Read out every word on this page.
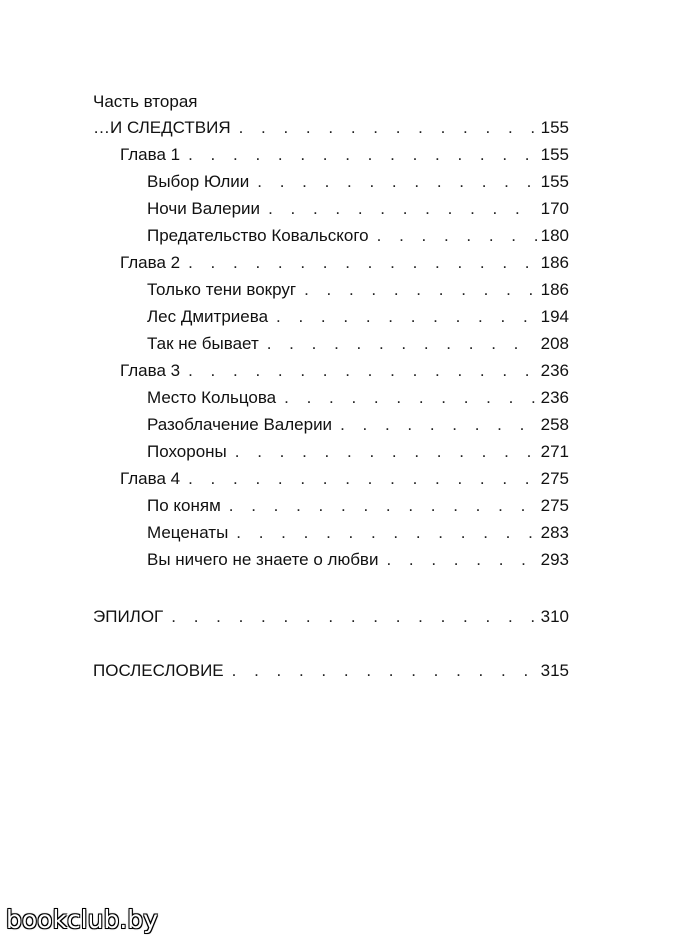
Часть вторая
…И СЛЕДСТВИЯ . . .	155
Глава 1 . . .	155
Выбор Юлии . . .	155
Ночи Валерии . . .	170
Предательство Ковальского . . .	180
Глава 2 . . .	186
Только тени вокруг . . .	186
Лес Дмитриева . . .	194
Так не бывает . . .	208
Глава 3 . . .	236
Место Кольцова . . .	236
Разоблачение Валерии . . .	258
Похороны . . .	271
Глава 4 . . .	275
По коням . . .	275
Меценаты . . .	283
Вы ничего не знаете о любви . . .	293
ЭПИЛОГ . . .	310
ПОСЛЕСЛОВИЕ . . .	315
bookclub.by
